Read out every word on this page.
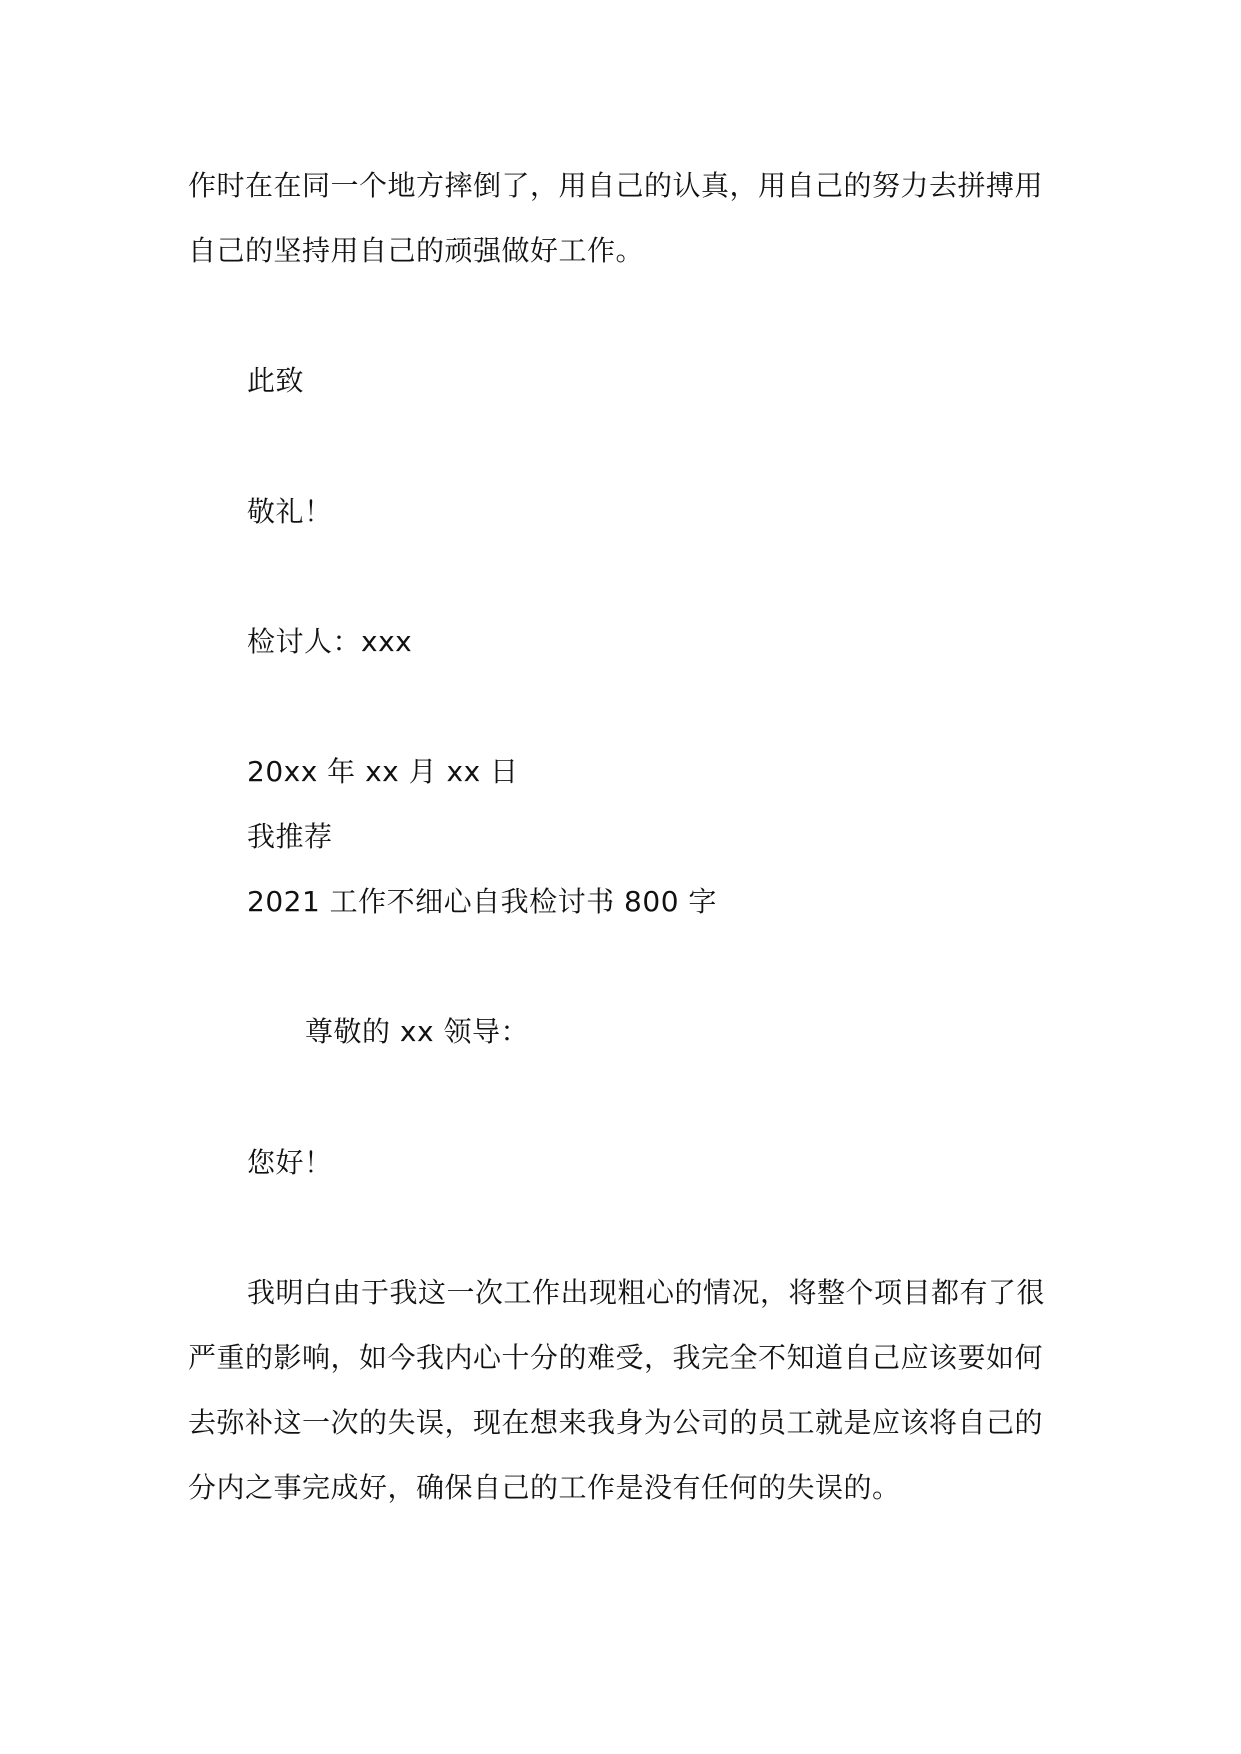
作时在在同一个地方摔倒了，用自己的认真，用自己的努力去拼搏用
自己的坚持用自己的顽强做好工作。
此致
敬礼！
检讨人：xxx
20xx 年 xx 月 xx 日
我推荐
2021 工作不细心自我检讨书 800 字
尊敬的 xx 领导：
您好！
我明白由于我这一次工作出现粗心的情况，将整个项目都有了很
严重的影响，如今我内心十分的难受，我完全不知道自己应该要如何
去弥补这一次的失误，现在想来我身为公司的员工就是应该将自己的
分内之事完成好，确保自己的工作是没有任何的失误的。
